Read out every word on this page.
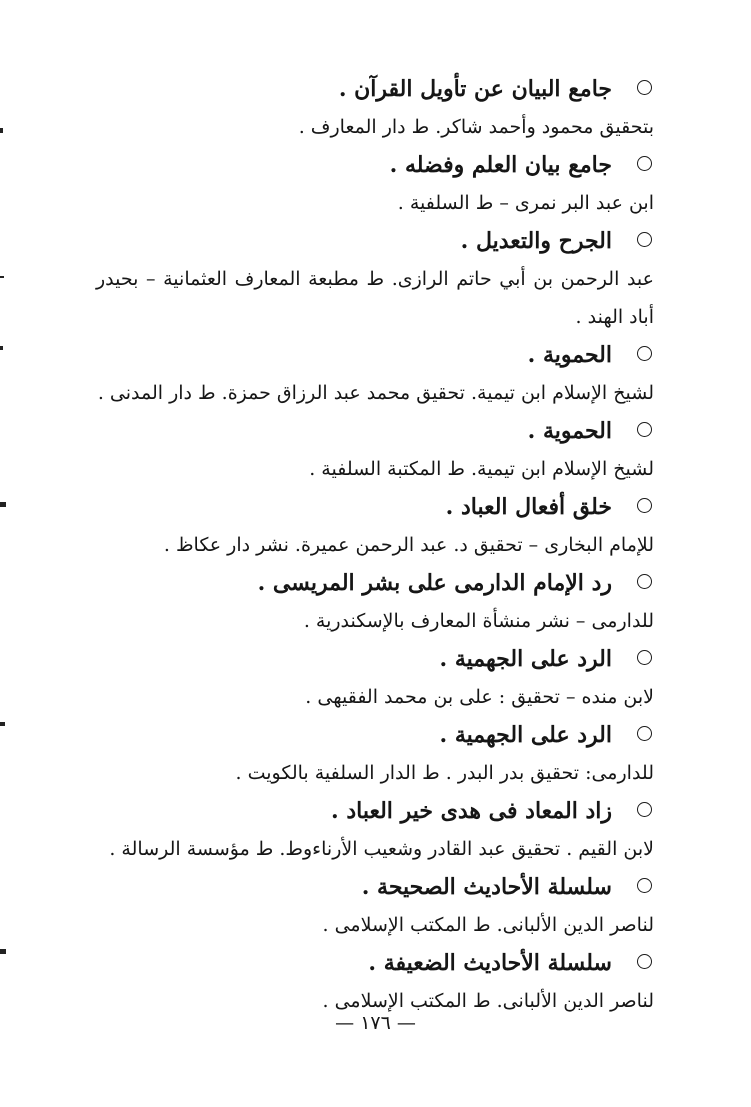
جامع البيان عن تأويل القرآن .
بتحقيق محمود وأحمد شاكر. ط دار المعارف .
جامع بيان العلم وفضله .
ابن عبد البر نمرى – ط السلفية .
الجرح والتعديل .
عبد الرحمن بن أبي حاتم الرازى. ط مطبعة المعارف العثمانية – بحيدر
أباد الهند .
الحموية .
لشيخ الإسلام ابن تيمية. تحقيق محمد عبد الرزاق حمزة. ط دار المدنى .
الحموية .
لشيخ الإسلام ابن تيمية. ط المكتبة السلفية .
خلق أفعال العباد .
للإمام البخارى – تحقيق د. عبد الرحمن عميرة. نشر دار عكاظ .
رد الإمام الدارمى على بشر المريسى .
للدارمى – نشر منشأة المعارف بالإسكندرية .
الرد على الجهمية .
لابن منده – تحقيق : على بن محمد الفقيهى .
الرد على الجهمية .
للدارمى: تحقيق بدر البدر . ط الدار السلفية بالكويت .
زاد المعاد فى هدى خير العباد .
لابن القيم . تحقيق عبد القادر وشعيب الأرناءوط. ط مؤسسة الرسالة .
سلسلة الأحاديث الصحيحة .
لناصر الدين الألبانى. ط المكتب الإسلامى .
سلسلة الأحاديث الضعيفة .
لناصر الدين الألبانى. ط المكتب الإسلامى .
— ١٧٦ —
